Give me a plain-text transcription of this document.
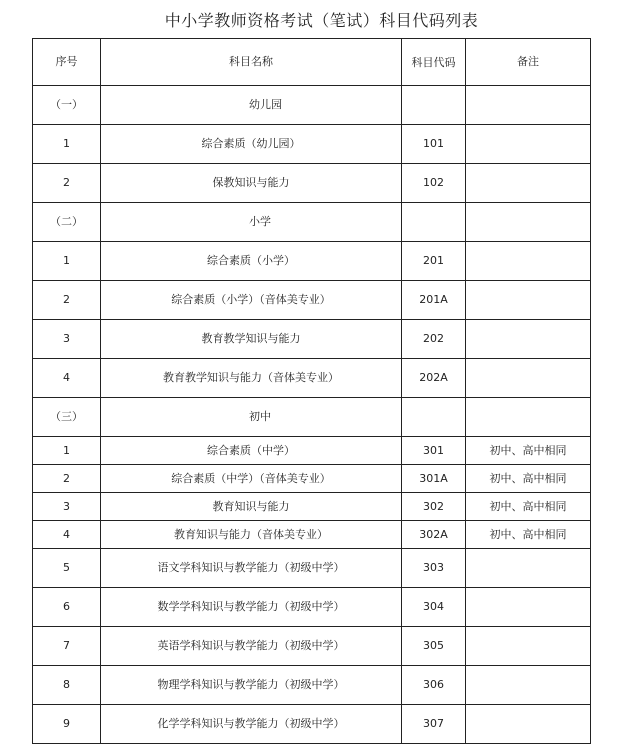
中小学教师资格考试（笔试）科目代码列表
序号	科目名称	科目代码	备注
（一）	幼儿园		
1	综合素质（幼儿园）	101	
2	保教知识与能力	102	
（二）	小学		
1	综合素质（小学）	201	
2	综合素质（小学）（音体美专业）	201A	
3	教育教学知识与能力	202	
4	教育教学知识与能力（音体美专业）	202A	
（三）	初中		
1	综合素质（中学）	301	初中、高中相同
2	综合素质（中学）（音体美专业）	301A	初中、高中相同
3	教育知识与能力	302	初中、高中相同
4	教育知识与能力（音体美专业）	302A	初中、高中相同
5	语文学科知识与教学能力（初级中学）	303	
6	数学学科知识与教学能力（初级中学）	304	
7	英语学科知识与教学能力（初级中学）	305	
8	物理学科知识与教学能力（初级中学）	306	
9	化学学科知识与教学能力（初级中学）	307	
